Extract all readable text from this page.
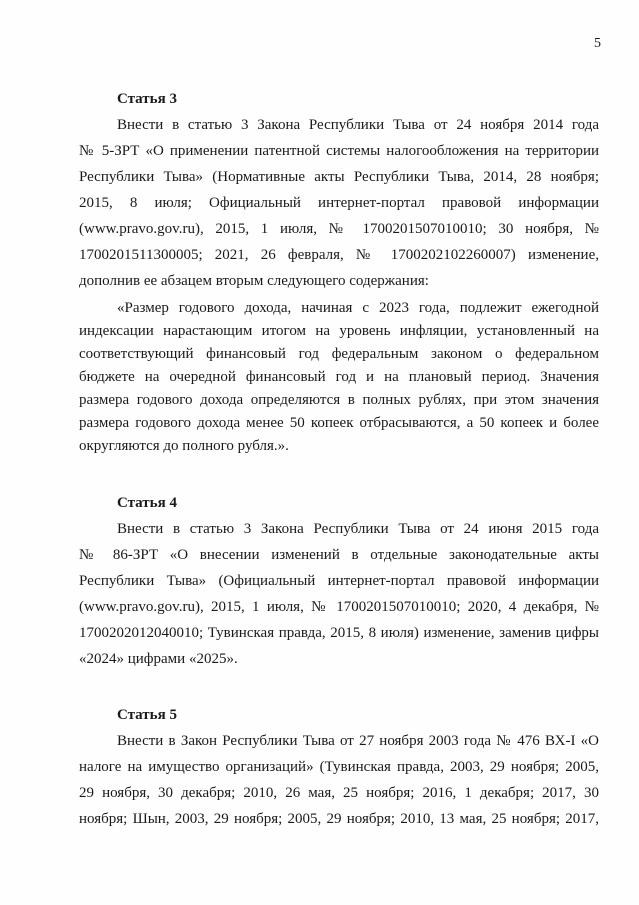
5
Статья 3
Внести в статью 3 Закона Республики Тыва от 24 ноября 2014 года
№ 5-ЗРТ «О применении патентной системы налогообложения на территории
Республики Тыва» (Нормативные акты Республики Тыва, 2014, 28 ноября;
2015, 8 июля; Официальный интернет-портал правовой информации
(www.pravo.gov.ru), 2015, 1 июля, № 1700201507010010; 30 ноября, №
1700201511300005; 2021, 26 февраля, № 1700202102260007) изменение,
дополнив ее абзацем вторым следующего содержания:
«Размер годового дохода, начиная с 2023 года, подлежит ежегодной
индексации нарастающим итогом на уровень инфляции, установленный на
соответствующий финансовый год федеральным законом о федеральном
бюджете на очередной финансовый год и на плановый период. Значения
размера годового дохода определяются в полных рублях, при этом значения
размера годового дохода менее 50 копеек отбрасываются, а 50 копеек и более
округляются до полного рубля.».
Статья 4
Внести в статью 3 Закона Республики Тыва от 24 июня 2015 года
№ 86-ЗРТ «О внесении изменений в отдельные законодательные акты
Республики Тыва» (Официальный интернет-портал правовой информации
(www.pravo.gov.ru), 2015, 1 июля, № 1700201507010010; 2020, 4 декабря, №
1700202012040010; Тувинская правда, 2015, 8 июля) изменение, заменив цифры
«2024» цифрами «2025».
Статья 5
Внести в Закон Республики Тыва от 27 ноября 2003 года № 476 ВХ-I «О
налоге на имущество организаций» (Тувинская правда, 2003, 29 ноября; 2005,
29 ноября, 30 декабря; 2010, 26 мая, 25 ноября; 2016, 1 декабря; 2017, 30
ноября; Шын, 2003, 29 ноября; 2005, 29 ноября; 2010, 13 мая, 25 ноября; 2017,
